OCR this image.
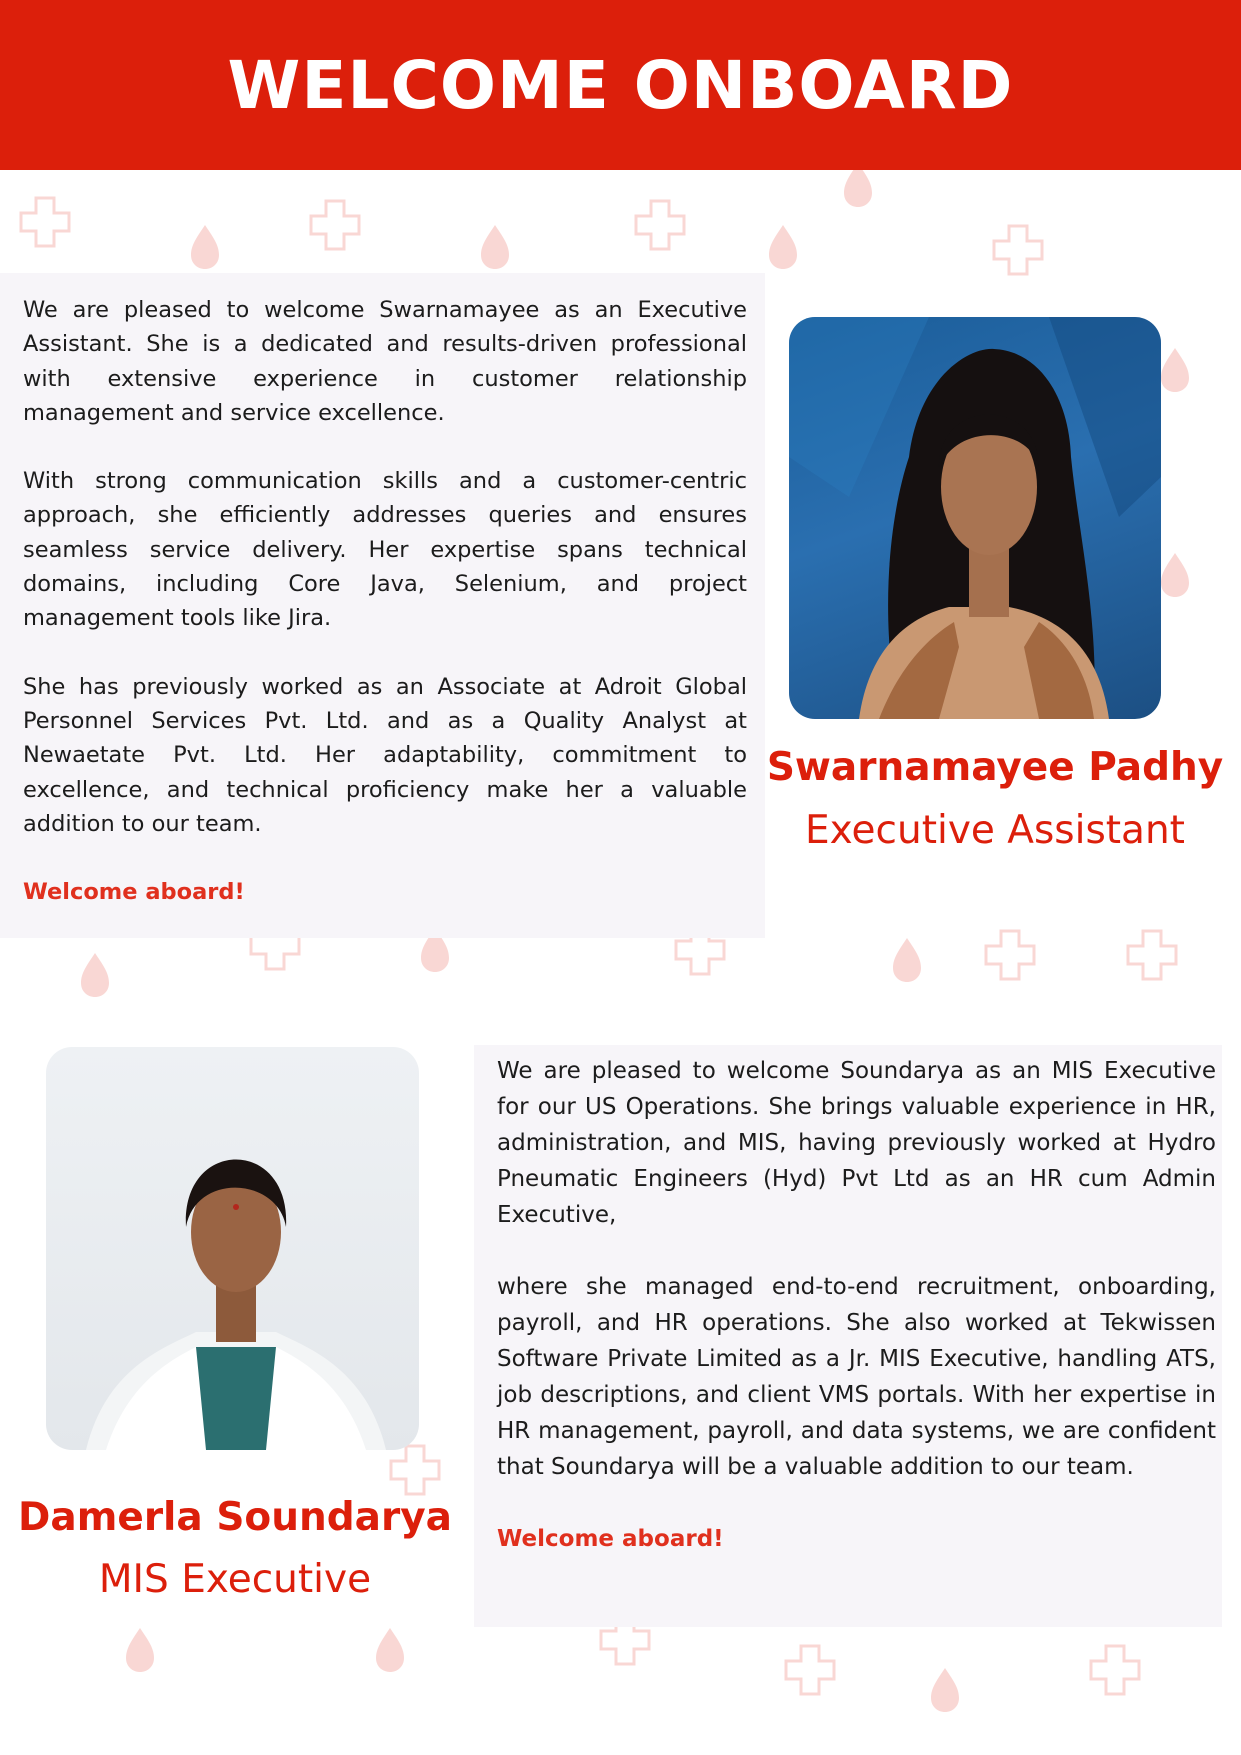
WELCOME ONBOARD

We are pleased to welcome Swarnamayee as an Executive Assistant. She is a dedicated and results-driven professional with extensive experience in customer relationship management and service excellence.

With strong communication skills and a customer-centric approach, she efficiently addresses queries and ensures seamless service delivery. Her expertise spans technical domains, including Core Java, Selenium, and project management tools like Jira.

She has previously worked as an Associate at Adroit Global Personnel Services Pvt. Ltd. and as a Quality Analyst at Newaetate Pvt. Ltd. Her adaptability, commitment to excellence, and technical proficiency make her a valuable addition to our team.

Welcome aboard!

Swarnamayee Padhy

Executive Assistant

Damerla Soundarya

MIS Executive

We are pleased to welcome Soundarya as an MIS Executive for our US Operations. She brings valuable experience in HR, administration, and MIS, having previously worked at Hydro Pneumatic Engineers (Hyd) Pvt Ltd as an HR cum Admin Executive,

where she managed end-to-end recruitment, onboarding, payroll, and HR operations. She also worked at Tekwissen Software Private Limited as a Jr. MIS Executive, handling ATS, job descriptions, and client VMS portals. With her expertise in HR management, payroll, and data systems, we are confident that Soundarya will be a valuable addition to our team.

Welcome aboard!
